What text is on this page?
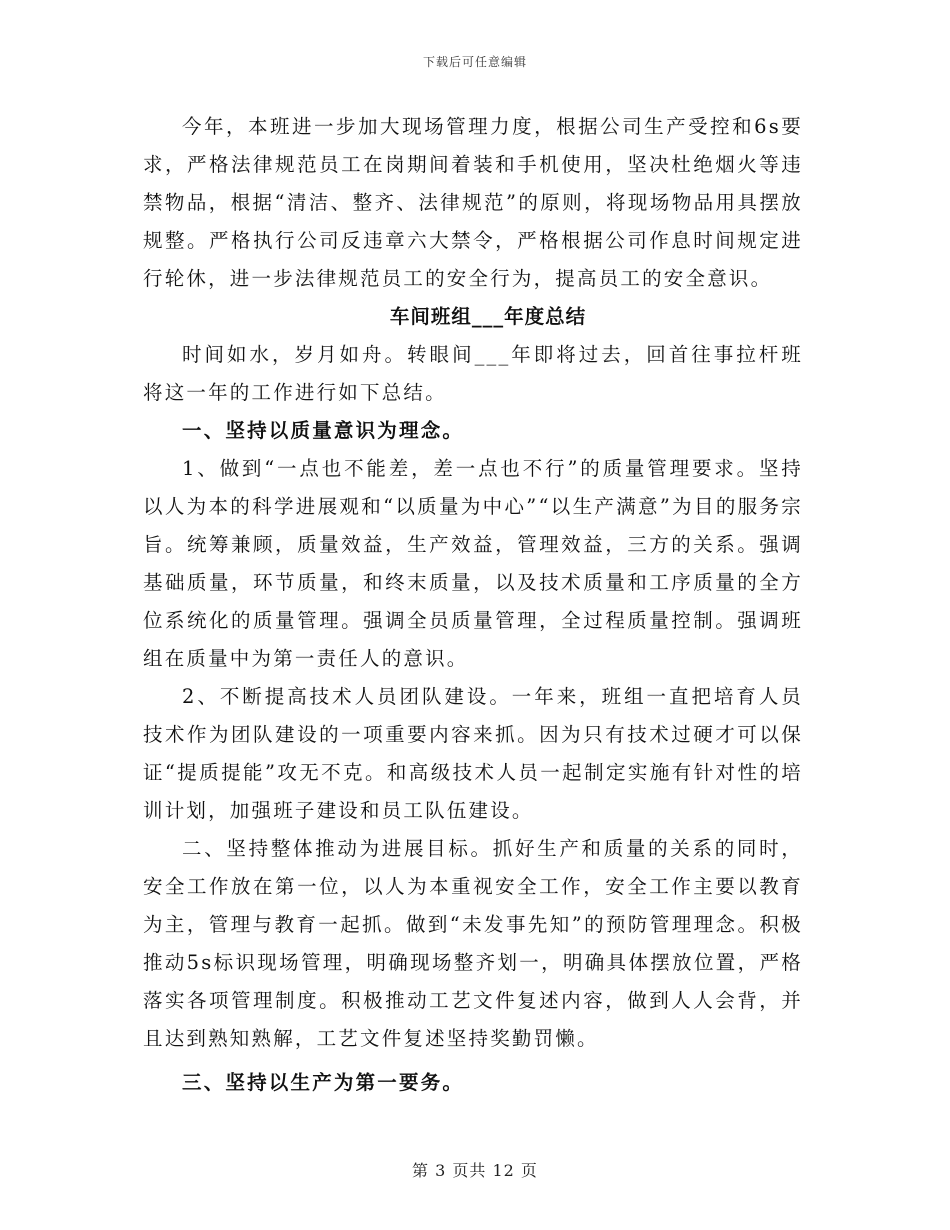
下载后可任意编辑

今年，本班进一步加大现场管理力度，根据公司生产受控和6s要求，严格法律规范员工在岗期间着装和手机使用，坚决杜绝烟火等违禁物品，根据“清洁、整齐、法律规范”的原则，将现场物品用具摆放规整。严格执行公司反违章六大禁令，严格根据公司作息时间规定进行轮休，进一步法律规范员工的安全行为，提高员工的安全意识。

车间班组___年度总结

时间如水，岁月如舟。转眼间___年即将过去，回首往事拉杆班将这一年的工作进行如下总结。

一、坚持以质量意识为理念。

1、做到“一点也不能差，差一点也不行”的质量管理要求。坚持以人为本的科学进展观和“以质量为中心”“以生产满意”为目的服务宗旨。统筹兼顾，质量效益，生产效益，管理效益，三方的关系。强调基础质量，环节质量，和终末质量，以及技术质量和工序质量的全方位系统化的质量管理。强调全员质量管理，全过程质量控制。强调班组在质量中为第一责任人的意识。

2、不断提高技术人员团队建设。一年来，班组一直把培育人员技术作为团队建设的一项重要内容来抓。因为只有技术过硬才可以保证“提质提能”攻无不克。和高级技术人员一起制定实施有针对性的培训计划，加强班子建设和员工队伍建设。

二、坚持整体推动为进展目标。抓好生产和质量的关系的同时，安全工作放在第一位，以人为本重视安全工作，安全工作主要以教育为主，管理与教育一起抓。做到“未发事先知”的预防管理理念。积极推动5s标识现场管理，明确现场整齐划一，明确具体摆放位置，严格落实各项管理制度。积极推动工艺文件复述内容，做到人人会背，并且达到熟知熟解，工艺文件复述坚持奖勤罚懒。

三、坚持以生产为第一要务。

第 3 页共 12 页
